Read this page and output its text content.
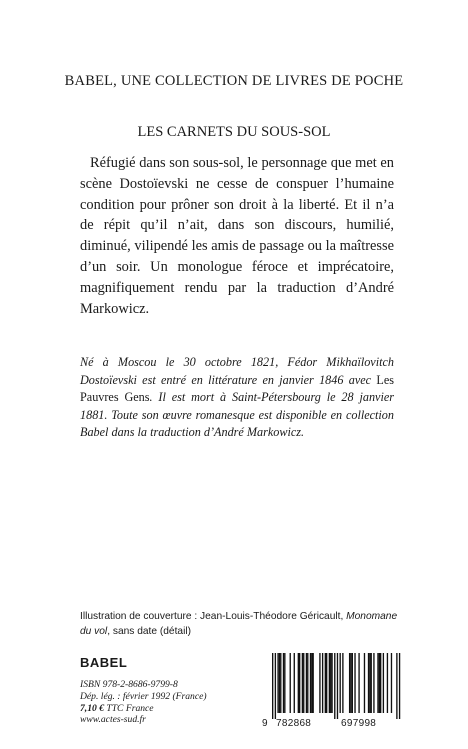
BABEL, UNE COLLECTION DE LIVRES DE POCHE
LES CARNETS DU SOUS-SOL

Réfugié dans son sous-sol, le personnage que met en scène Dostoïevski ne cesse de conspuer l’humaine condition pour prôner son droit à la liberté. Et il n’a de répit qu’il n’ait, dans son discours, humilié, diminué, vilipendé les amis de passage ou la maîtresse d’un soir. Un monologue féroce et imprécatoire, magnifiquement rendu par la traduction d’André Markowicz.

Né à Moscou le 30 octobre 1821, Fédor Mikhaïlovitch Dostoïevski est entré en littérature en janvier 1846 avec Les Pauvres Gens. Il est mort à Saint-Pétersbourg le 28 janvier 1881. Toute son œuvre romanesque est disponible en collection Babel dans la traduction d’André Markowicz.

Illustration de couverture : Jean-Louis-Théodore Géricault, Monomane du vol, sans date (détail)

BABEL
ISBN 978-2-8686-9799-8
Dép. lég. : février 1992 (France)
7,10 € TTC France
www.actes-sud.fr	9 782868	697998
